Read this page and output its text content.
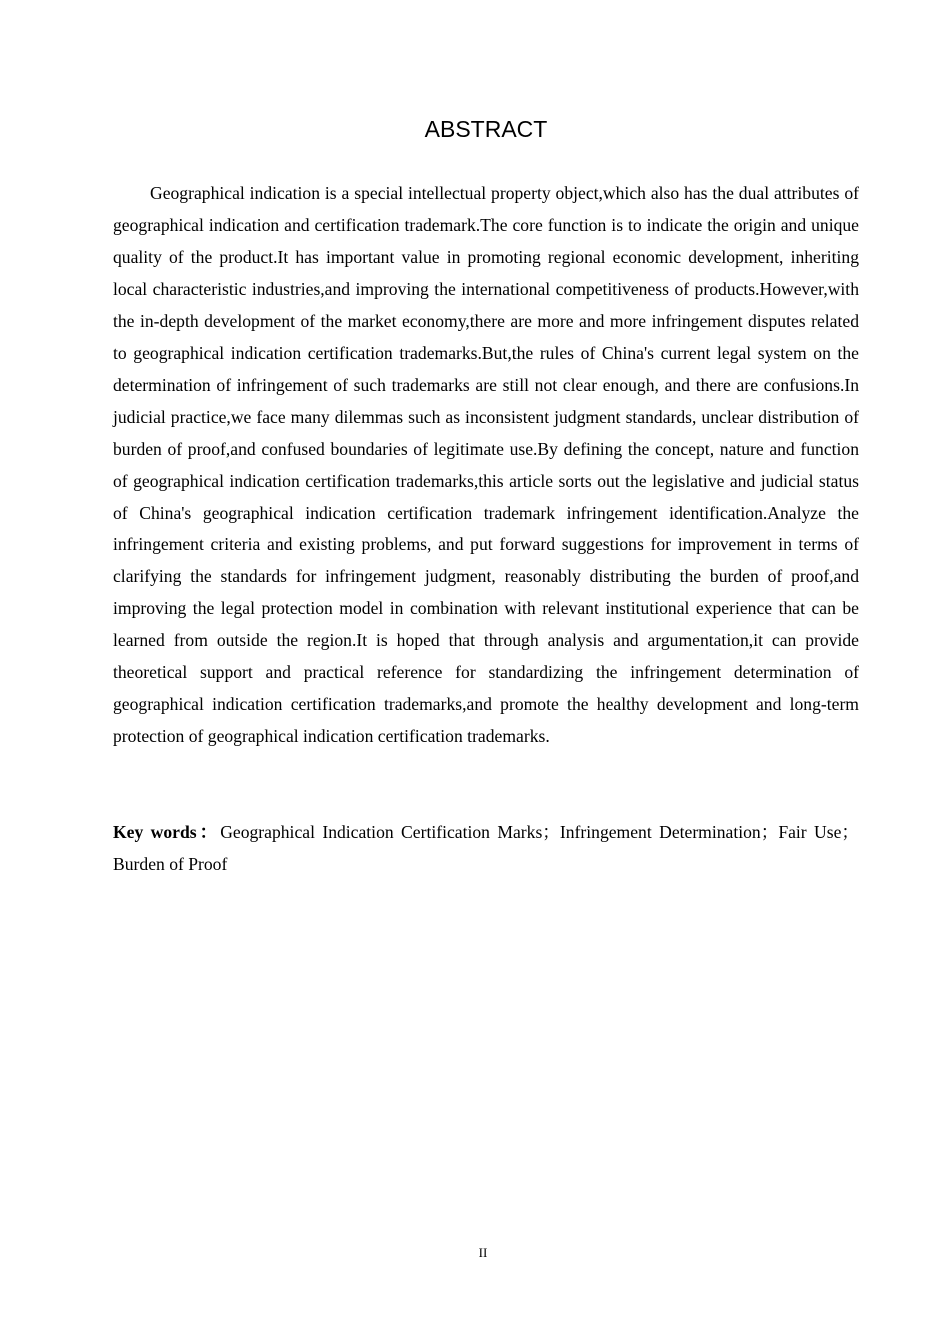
ABSTRACT

Geographical indication is a special intellectual property object,which also has the dual attributes of geographical indication and certification trademark.The core function is to indicate the origin and unique quality of the product.It has important value in promoting regional economic development, inheriting local characteristic industries,and improving the international competitiveness of products.However,with the in-depth development of the market economy,there are more and more infringement disputes related to geographical indication certification trademarks.But,the rules of China's current legal system on the determination of infringement of such trademarks are still not clear enough, and there are confusions.In judicial practice,we face many dilemmas such as inconsistent judgment standards, unclear distribution of burden of proof,and confused boundaries of legitimate use.By defining the concept, nature and function of geographical indication certification trademarks,this article sorts out the legislative and judicial status of China's geographical indication certification trademark infringement identification.Analyze the infringement criteria and existing problems, and put forward suggestions for improvement in terms of clarifying the standards for infringement judgment, reasonably distributing the burden of proof,and improving the legal protection model in combination with relevant institutional experience that can be learned from outside the region.It is hoped that through analysis and argumentation,it can provide theoretical support and practical reference for standardizing the infringement determination of geographical indication certification trademarks,and promote the healthy development and long-term protection of geographical indication certification trademarks.

Key words：Geographical Indication Certification Marks；Infringement Determination；Fair Use；Burden of Proof

II
